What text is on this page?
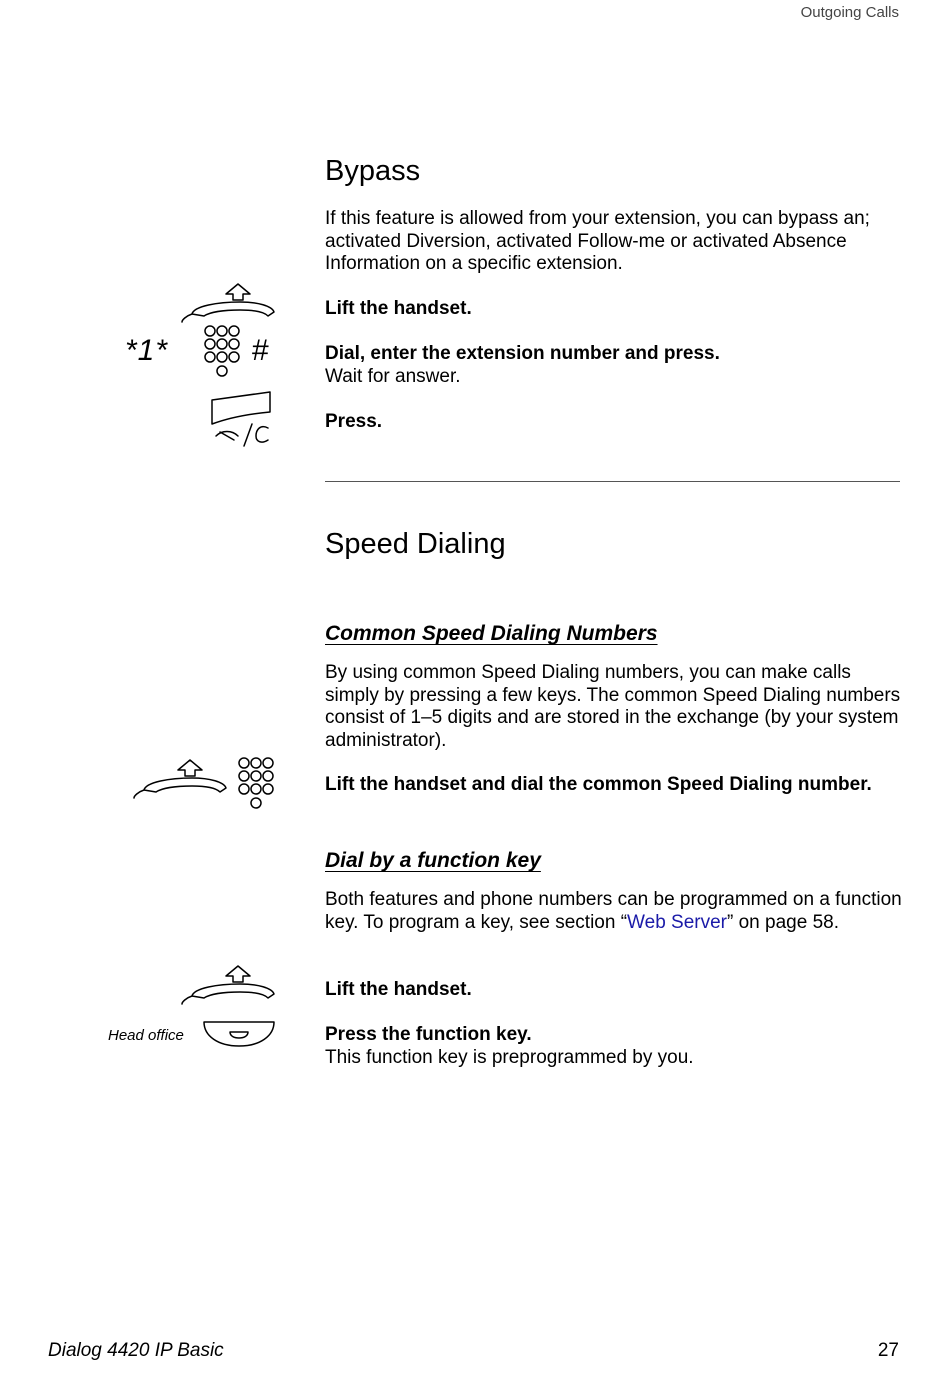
Outgoing Calls
Bypass

If this feature is allowed from your extension, you can bypass an; activated Diversion, activated Follow-me or activated Absence Information on a specific extension.

Lift the handset.
*1*	#	Dial, enter the extension number and press.
Wait for answer.
Press.
Speed Dialing
Common Speed Dialing Numbers

By using common Speed Dialing numbers, you can make calls simply by pressing a few keys. The common Speed Dialing numbers consist of 1–5 digits and are stored in the exchange (by your system administrator).

Lift the handset and dial the common Speed Dialing number.
Dial by a function key

Both features and phone numbers can be programmed on a function key. To program a key, see section “Web Server” on page 58.

Lift the handset.
Head office	Press the function key.
This function key is preprogrammed by you.
Dialog 4420 IP Basic	27
